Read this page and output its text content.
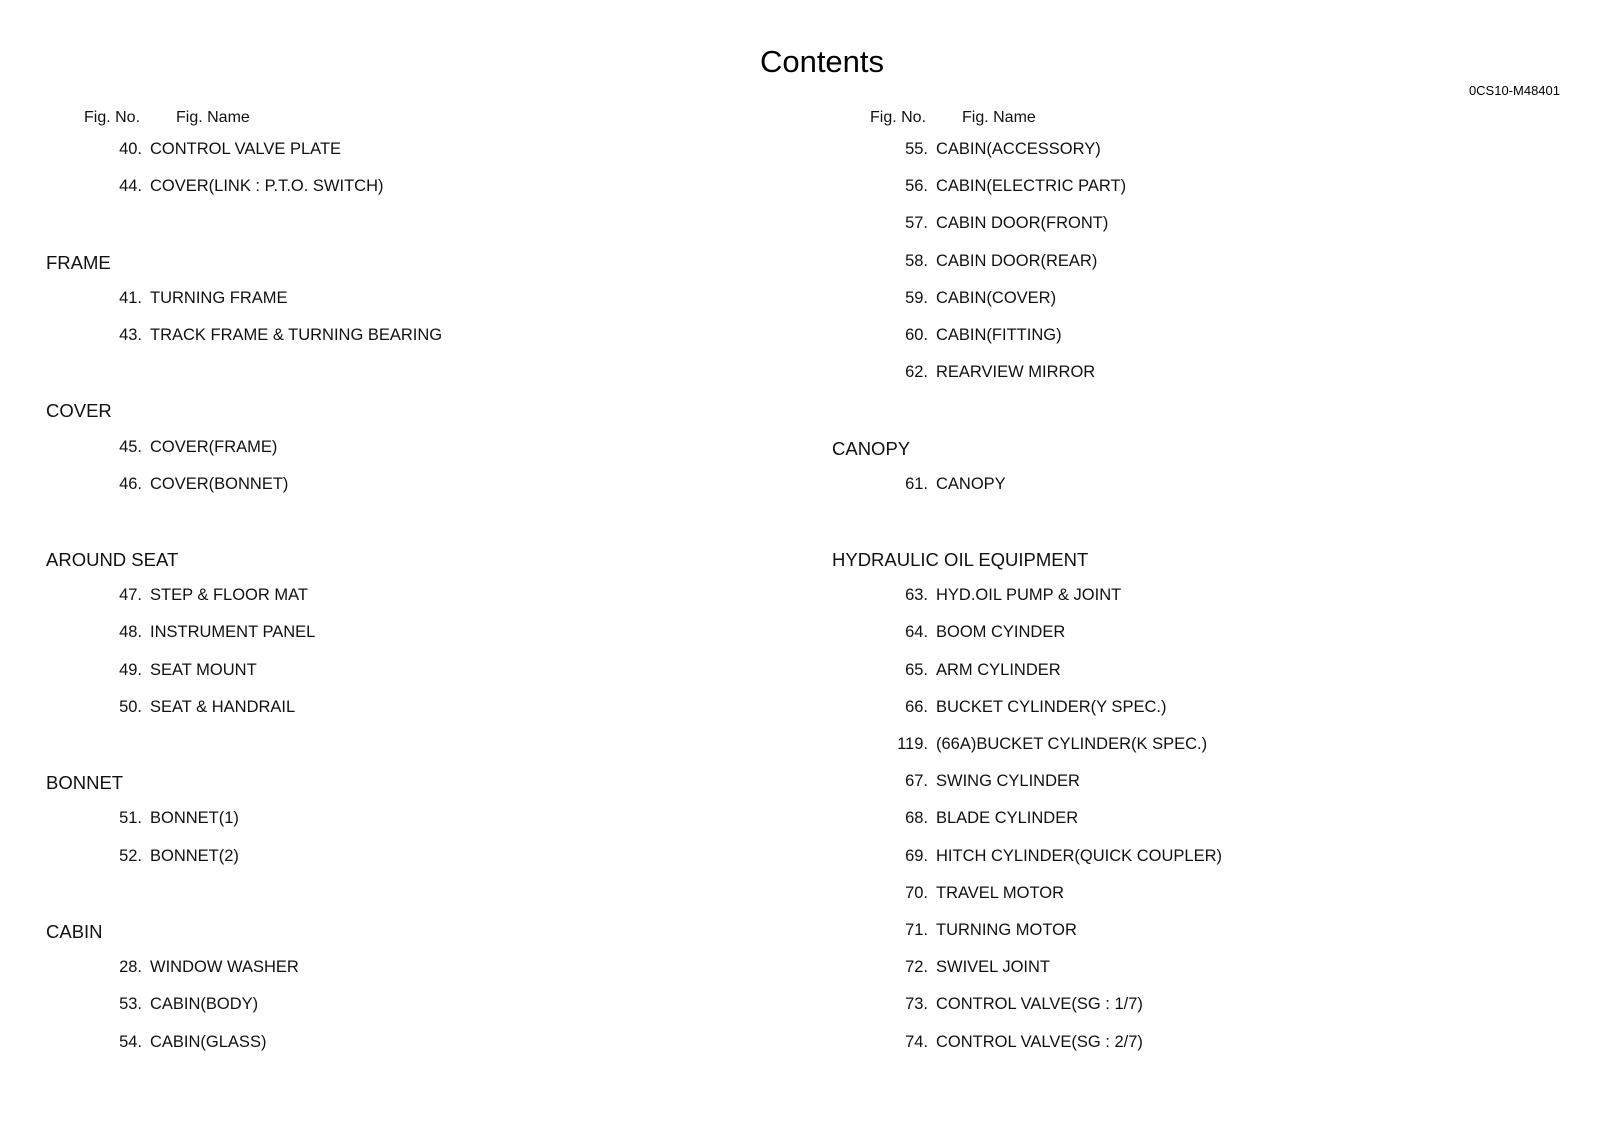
Contents
0CS10-M48401
Fig. No. Fig. Name
40. CONTROL VALVE PLATE
44. COVER(LINK : P.T.O. SWITCH)
FRAME
41. TURNING FRAME
43. TRACK FRAME & TURNING BEARING
COVER
45. COVER(FRAME)
46. COVER(BONNET)
AROUND SEAT
47. STEP & FLOOR MAT
48. INSTRUMENT PANEL
49. SEAT MOUNT
50. SEAT & HANDRAIL
BONNET
51. BONNET(1)
52. BONNET(2)
CABIN
28. WINDOW WASHER
53. CABIN(BODY)
54. CABIN(GLASS)
Fig. No. Fig. Name
55. CABIN(ACCESSORY)
56. CABIN(ELECTRIC PART)
57. CABIN DOOR(FRONT)
58. CABIN DOOR(REAR)
59. CABIN(COVER)
60. CABIN(FITTING)
62. REARVIEW MIRROR
CANOPY
61. CANOPY
HYDRAULIC OIL EQUIPMENT
63. HYD.OIL PUMP & JOINT
64. BOOM CYINDER
65. ARM CYLINDER
66. BUCKET CYLINDER(Y SPEC.)
119. (66A)BUCKET CYLINDER(K SPEC.)
67. SWING CYLINDER
68. BLADE CYLINDER
69. HITCH CYLINDER(QUICK COUPLER)
70. TRAVEL MOTOR
71. TURNING MOTOR
72. SWIVEL JOINT
73. CONTROL VALVE(SG : 1/7)
74. CONTROL VALVE(SG : 2/7)
